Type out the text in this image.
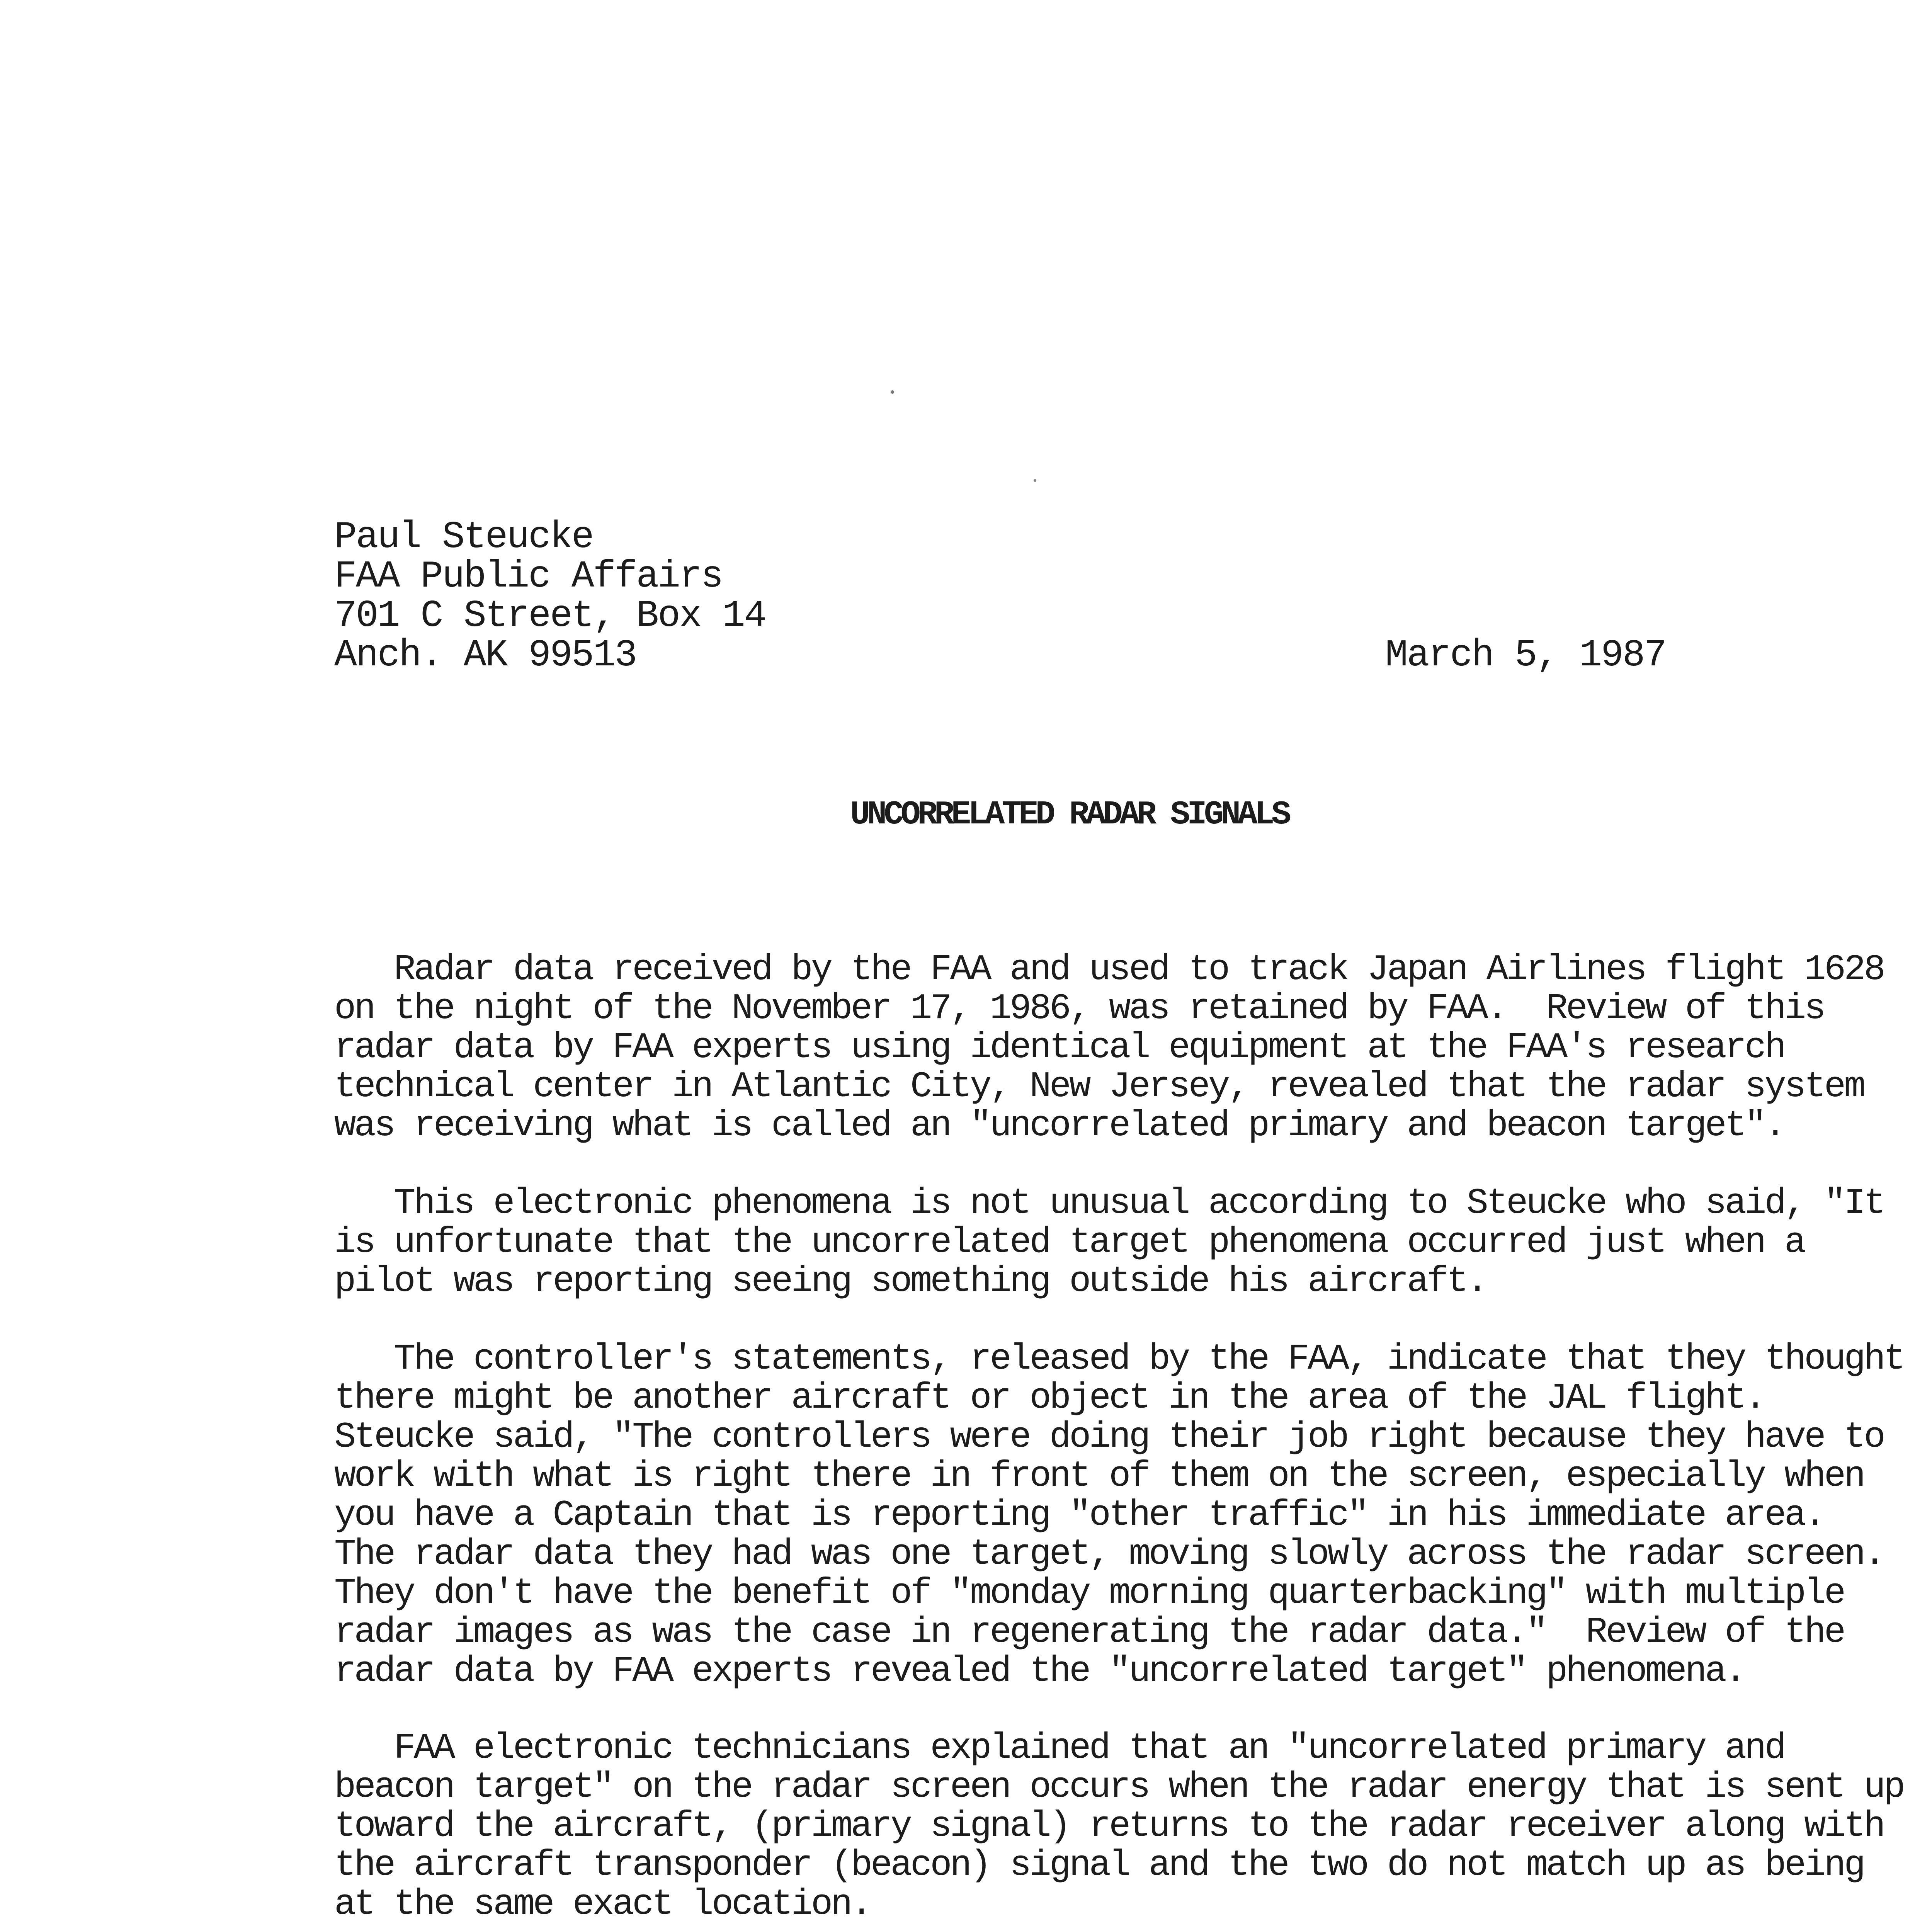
Paul Steucke
FAA Public Affairs
701 C Street, Box 14
Anch. AK 99513	March 5, 1987
UNCORRELATED RADAR SIGNALS
Radar data received by the FAA and used to track Japan Airlines flight 1628
on the night of the November 17, 1986, was retained by FAA.  Review of this
radar data by FAA experts using identical equipment at the FAA's research
technical center in Atlantic City, New Jersey, revealed that the radar system
was receiving what is called an "uncorrelated primary and beacon target".
This electronic phenomena is not unusual according to Steucke who said, "It
is unfortunate that the uncorrelated target phenomena occurred just when a
pilot was reporting seeing something outside his aircraft.
The controller's statements, released by the FAA, indicate that they thought
there might be another aircraft or object in the area of the JAL flight.
Steucke said, "The controllers were doing their job right because they have to
work with what is right there in front of them on the screen, especially when
you have a Captain that is reporting "other traffic" in his immediate area.
The radar data they had was one target, moving slowly across the radar screen.
They don't have the benefit of "monday morning quarterbacking" with multiple
radar images as was the case in regenerating the radar data."  Review of the
radar data by FAA experts revealed the "uncorrelated target" phenomena.
FAA electronic technicians explained that an "uncorrelated primary and
beacon target" on the radar screen occurs when the radar energy that is sent up
toward the aircraft, (primary signal) returns to the radar receiver along with
the aircraft transponder (beacon) signal and the two do not match up as being
at the same exact location.
